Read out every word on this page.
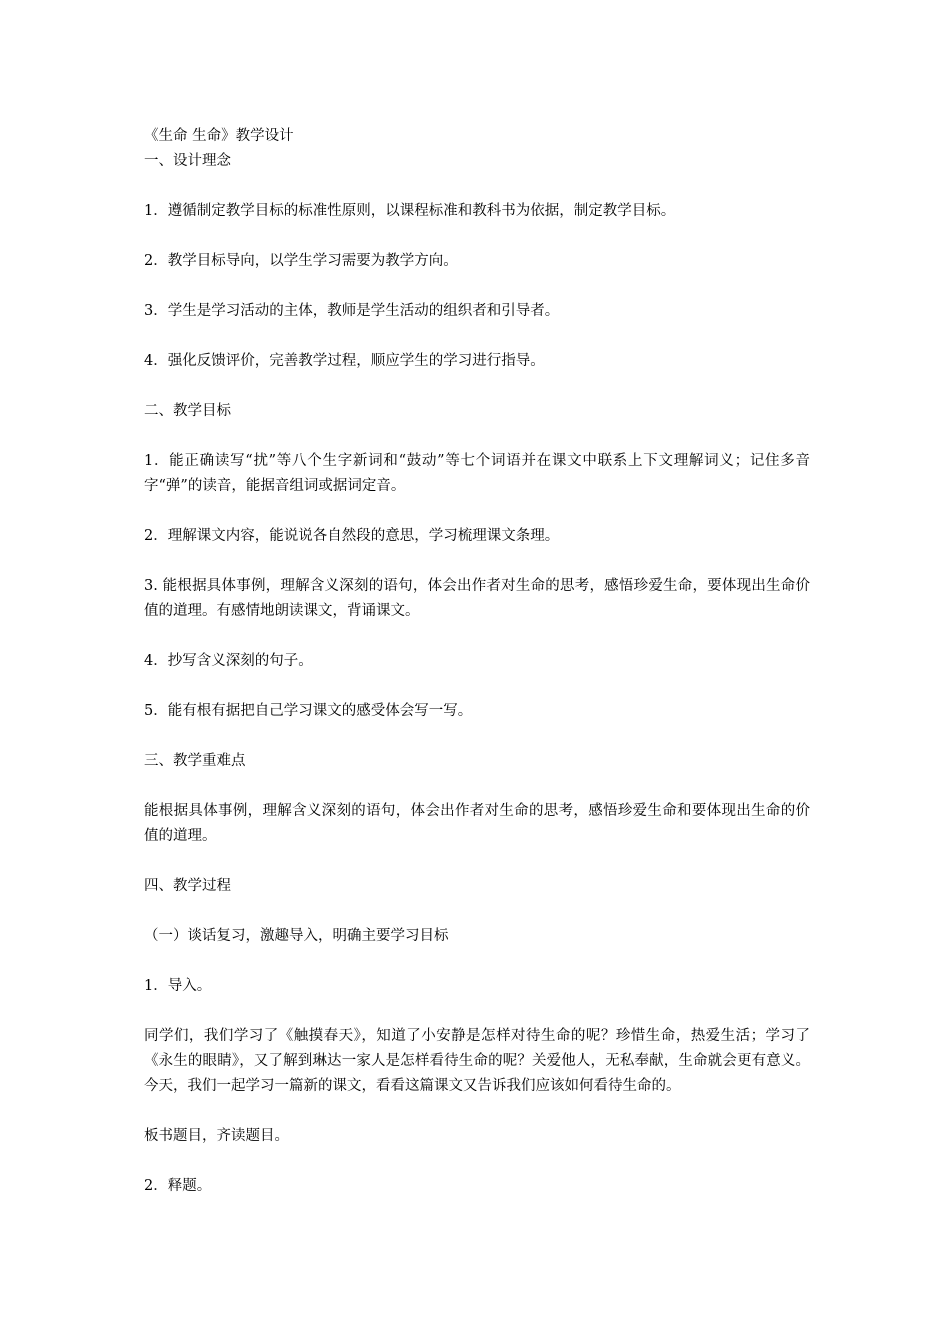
《生命 生命》教学设计

一、设计理念

1．遵循制定教学目标的标准性原则，以课程标准和教科书为依据，制定教学目标。

2．教学目标导向，以学生学习需要为教学方向。

3．学生是学习活动的主体，教师是学生活动的组织者和引导者。

4．强化反馈评价，完善教学过程，顺应学生的学习进行指导。

二、教学目标

1．能正确读写“扰”等八个生字新词和“鼓动”等七个词语并在课文中联系上下文理解词义；记住多音字“弹”的读音，能据音组词或据词定音。

2．理解课文内容，能说说各自然段的意思，学习梳理课文条理。

3. 能根据具体事例，理解含义深刻的语句，体会出作者对生命的思考，感悟珍爱生命，要体现出生命价值的道理。有感情地朗读课文，背诵课文。

4．抄写含义深刻的句子。

5．能有根有据把自己学习课文的感受体会写一写。

三、教学重难点

能根据具体事例，理解含义深刻的语句，体会出作者对生命的思考，感悟珍爱生命和要体现出生命的价值的道理。

四、教学过程

（一）谈话复习，激趣导入，明确主要学习目标

1．导入。

同学们，我们学习了《触摸春天》，知道了小安静是怎样对待生命的呢？珍惜生命，热爱生活；学习了《永生的眼睛》，又了解到琳达一家人是怎样看待生命的呢？关爱他人，无私奉献，生命就会更有意义。今天，我们一起学习一篇新的课文，看看这篇课文又告诉我们应该如何看待生命的。

板书题目，齐读题目。

2．释题。
